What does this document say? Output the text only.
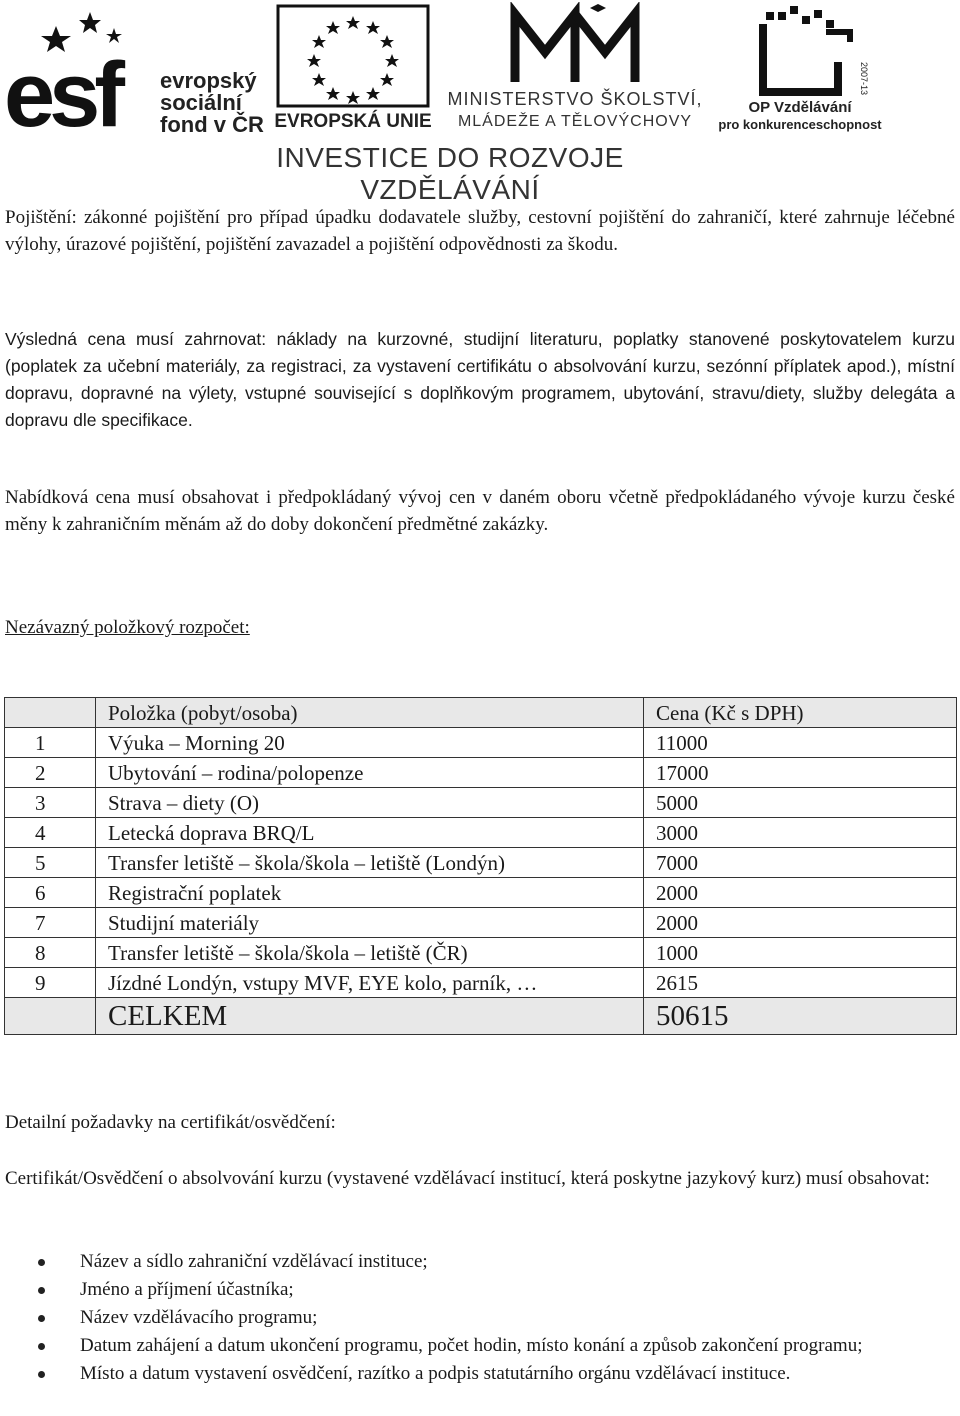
esf evropský
sociální
fond v ČR EVROPSKÁ UNIE
MINISTERSTVO ŠKOLSTVÍ,
MLÁDEŽE A TĚLOVÝCHOVY
2007-13
OP Vzdělávání
pro konkurenceschopnost
INVESTICE DO ROZVOJE VZDĚLÁVÁNÍ

Pojištění: zákonné pojištění pro případ úpadku dodavatele služby, cestovní pojištění do zahraničí, které zahrnuje léčebné výlohy, úrazové pojištění, pojištění zavazadel a pojištění odpovědnosti za škodu.

Výsledná cena musí zahrnovat: náklady na kurzovné, studijní literaturu, poplatky stanovené poskytovatelem kurzu (poplatek za učební materiály, za registraci, za vystavení certifikátu o absolvování kurzu, sezónní příplatek apod.), místní dopravu, dopravné na výlety, vstupné související s doplňkovým programem, ubytování, stravu/diety, služby delegáta a dopravu dle specifikace.

Nabídková cena musí obsahovat i předpokládaný vývoj cen v daném oboru včetně předpokládaného vývoje kurzu české měny k zahraničním měnám až do doby dokončení předmětné zakázky.

Nezávazný položkový rozpočet:

	Položka (pobyt/osoba)	Cena (Kč s DPH)
1	Výuka – Morning 20	11000
2	Ubytování – rodina/polopenze	17000
3	Strava – diety (O)	5000
4	Letecká doprava BRQ/L	3000
5	Transfer letiště – škola/škola – letiště (Londýn)	7000
6	Registrační poplatek	2000
7	Studijní materiály	2000
8	Transfer letiště – škola/škola – letiště (ČR)	1000
9	Jízdné Londýn, vstupy MVF, EYE kolo, parník, …	2615
	CELKEM	50615

Detailní požadavky na certifikát/osvědčení:

Certifikát/Osvědčení o absolvování kurzu (vystavené vzdělávací institucí, která poskytne jazykový kurz) musí obsahovat:

Název a sídlo zahraniční vzdělávací instituce;
Jméno a příjmení účastníka;
Název vzdělávacího programu;
Datum zahájení a datum ukončení programu, počet hodin, místo konání a způsob zakončení programu;
Místo a datum vystavení osvědčení, razítko a podpis statutárního orgánu vzdělávací instituce.
